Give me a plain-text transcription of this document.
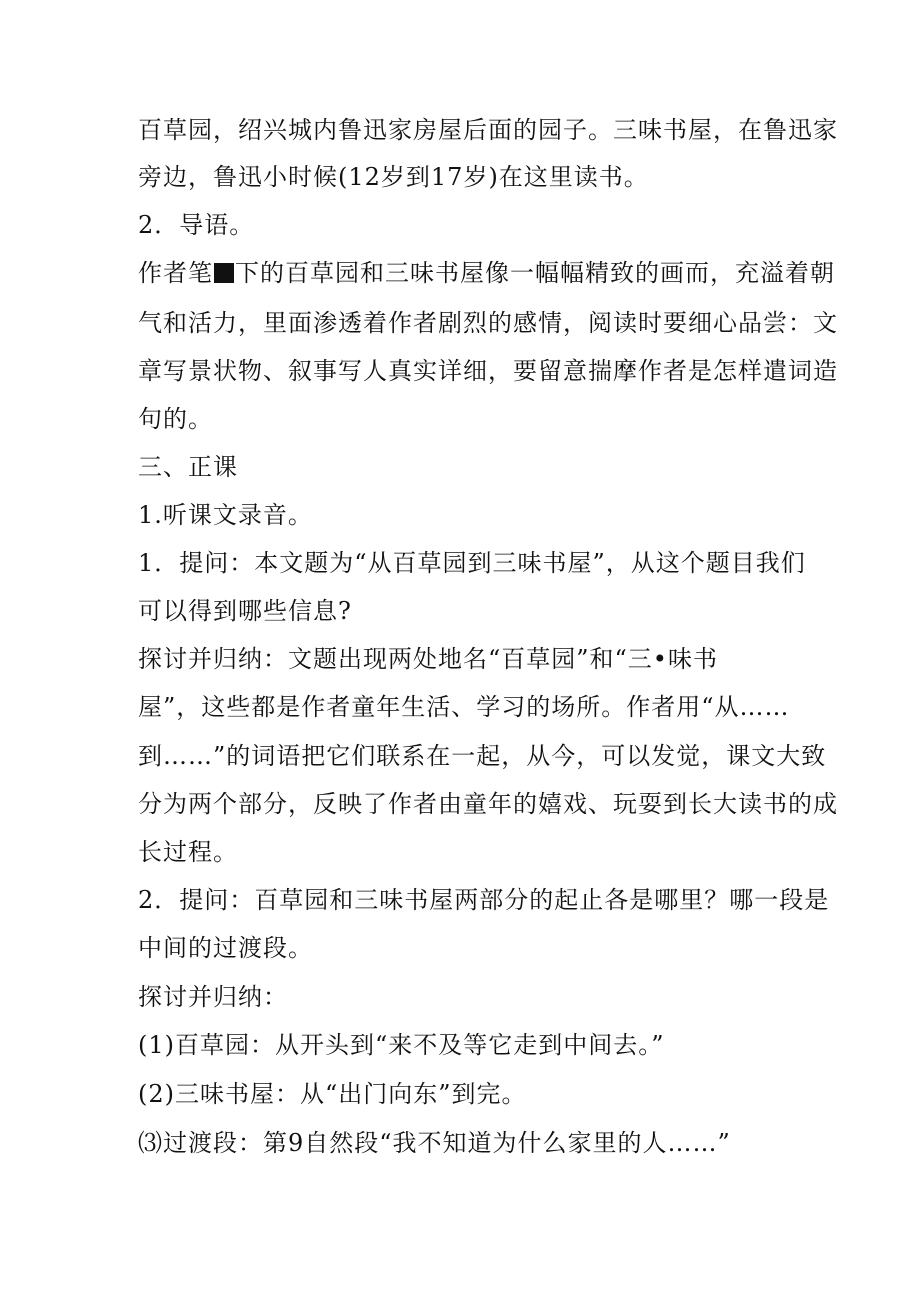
百草园，绍兴城内鲁迅家房屋后面的园子。三味书屋，在鲁迅家
旁边，鲁迅小时候(12岁到17岁)在这里读书。
2．导语。
作者笔 下的百草园和三味书屋像一幅幅精致的画而，充溢着朝
气和活力，里面渗透着作者剧烈的感情，阅读时要细心品尝：文
章写景状物、叙事写人真实详细，要留意揣摩作者是怎样遣词造
句的。
三、正课
1.听课文录音。
1．提问：本文题为“从百草园到三味书屋”，从这个题目我们
可以得到哪些信息?
探讨并归纳：文题出现两处地名“百草园”和“三•味书
屋”，这些都是作者童年生活、学习的场所。作者用“从……
到……”的词语把它们联系在一起，从今，可以发觉，课文大致
分为两个部分，反映了作者由童年的嬉戏、玩耍到长大读书的成
长过程。
2．提问：百草园和三味书屋两部分的起止各是哪里？哪一段是
中间的过渡段。
探讨并归纳：
(1)百草园：从开头到“来不及等它走到中间去。”
(2)三味书屋：从“出门向东”到完。
⑶过渡段：第9自然段“我不知道为什么家里的人……”
